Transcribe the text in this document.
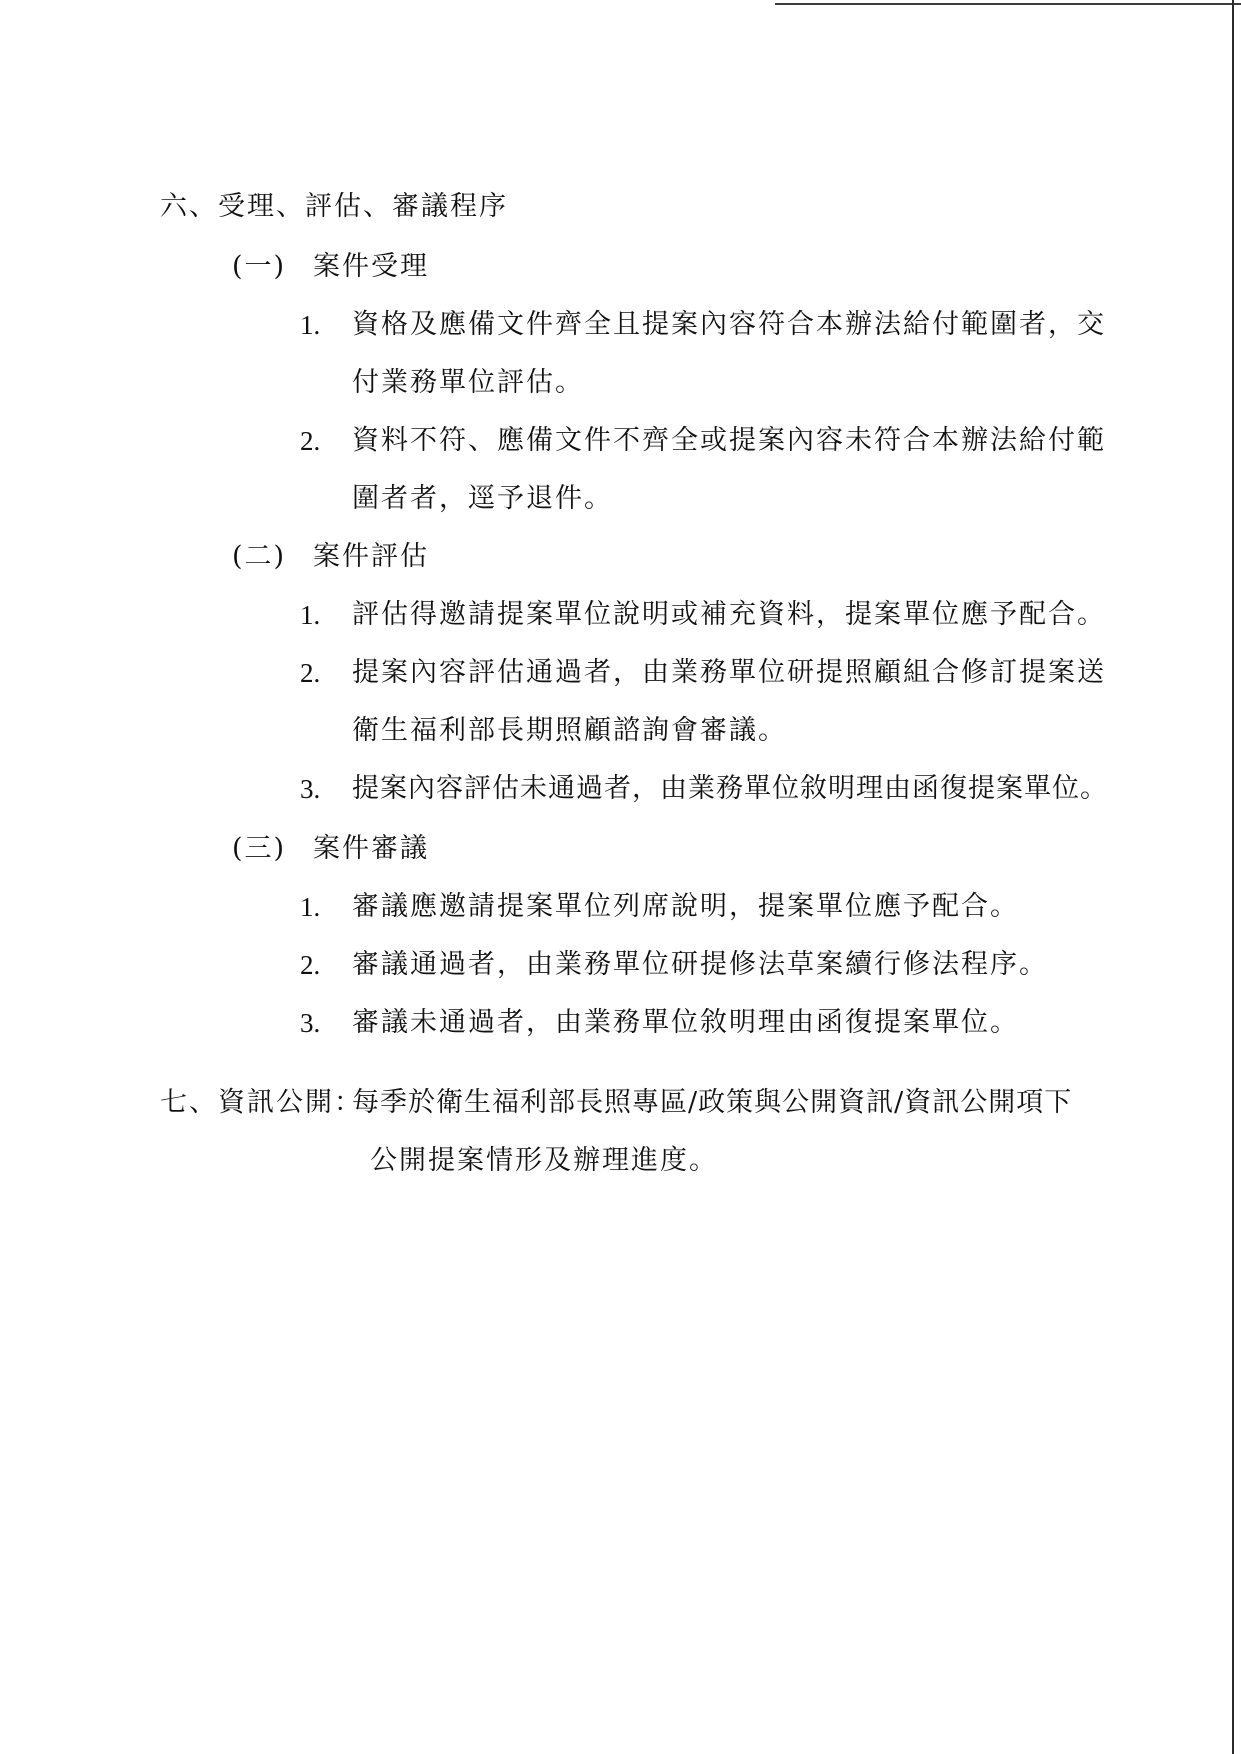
六、受理、評估、審議程序
(一) 案件受理
1. 資格及應備文件齊全且提案內容符合本辦法給付範圍者，交
付業務單位評估。
2. 資料不符、應備文件不齊全或提案內容未符合本辦法給付範
圍者者，逕予退件。
(二) 案件評估
1. 評估得邀請提案單位說明或補充資料，提案單位應予配合。
2. 提案內容評估通過者，由業務單位研提照顧組合修訂提案送
衛生福利部長期照顧諮詢會審議。
3. 提案內容評估未通過者，由業務單位敘明理由函復提案單位。
(三) 案件審議
1. 審議應邀請提案單位列席說明，提案單位應予配合。
2. 審議通過者，由業務單位研提修法草案續行修法程序。
3. 審議未通過者，由業務單位敘明理由函復提案單位。
七、資訊公開：
每季於衛生福利部長照專區/政策與公開資訊/資訊公開項下
公開提案情形及辦理進度。
